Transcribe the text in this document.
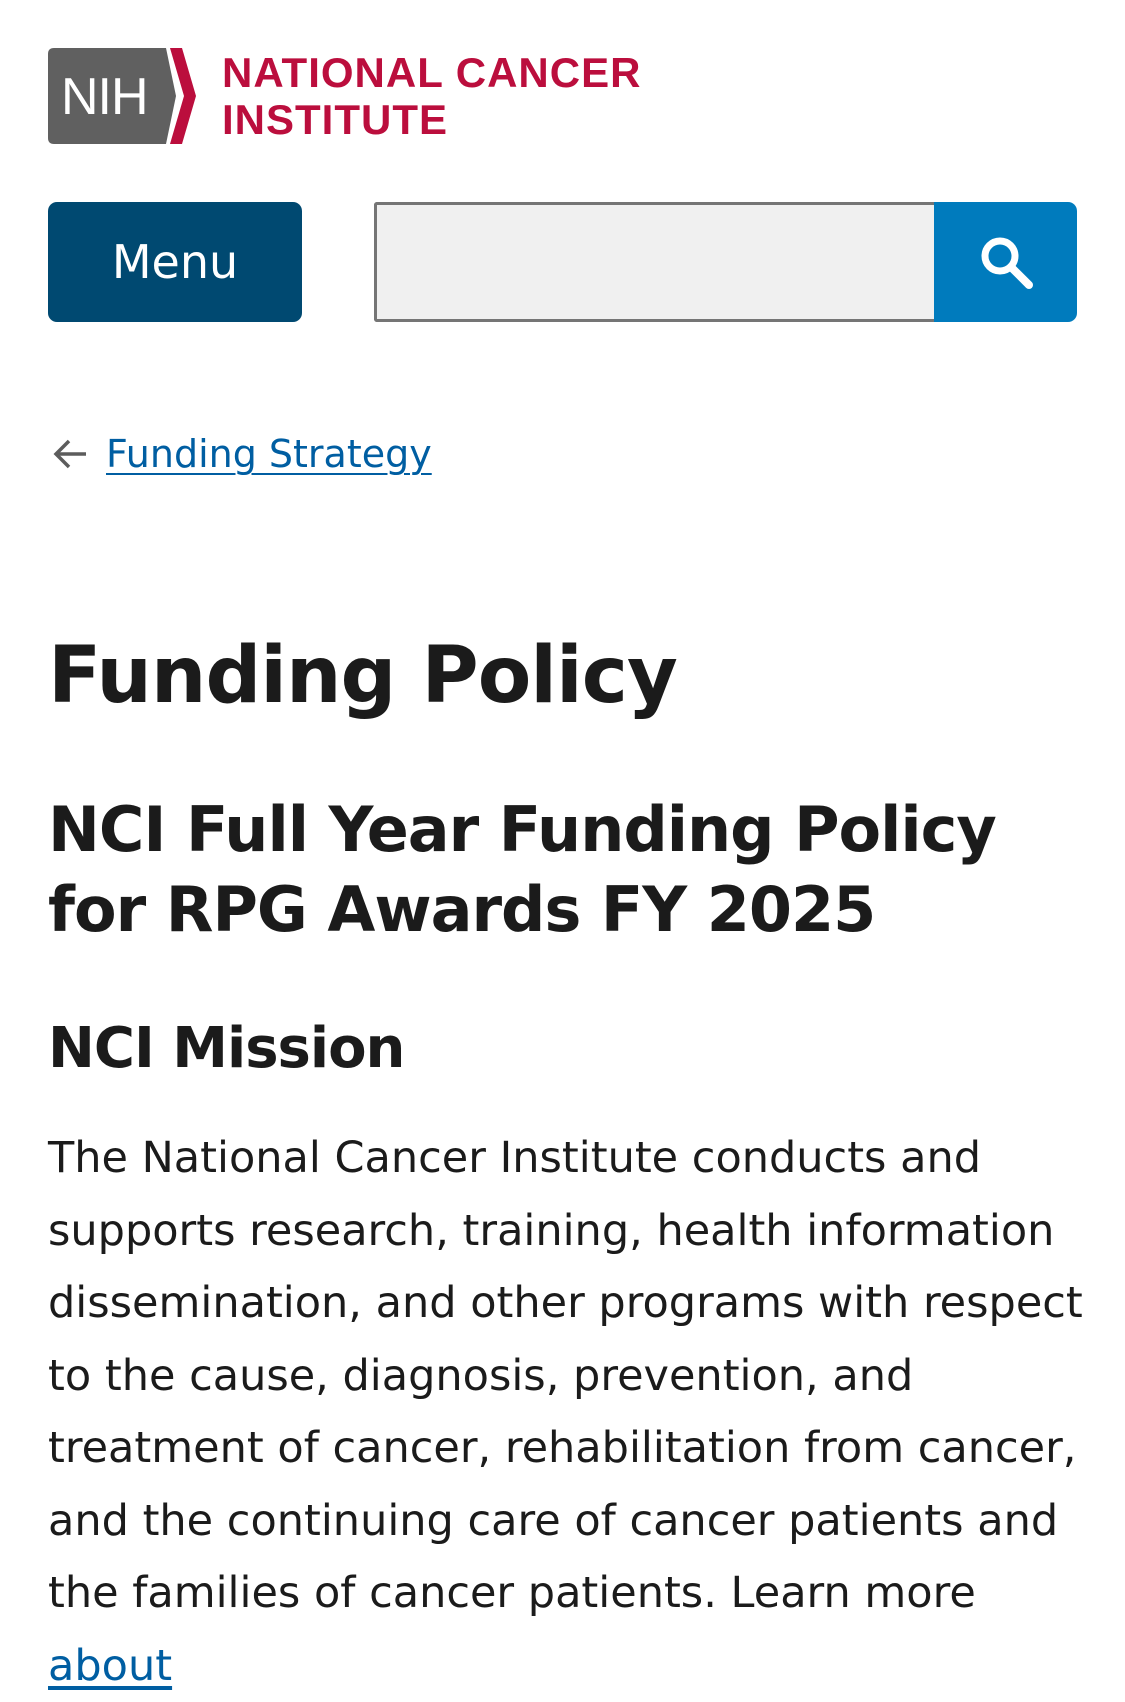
NIH NATIONAL CANCER
INSTITUTE
Menu
Funding Strategy
Funding Policy
NCI Full Year Funding Policy for RPG Awards FY 2025
NCI Mission

The National Cancer Institute conducts and supports research, training, health information dissemination, and other programs with respect to the cause, diagnosis, prevention, and treatment of cancer, rehabilitation from cancer, and the continuing care of cancer patients and the families of cancer patients. Learn more about
